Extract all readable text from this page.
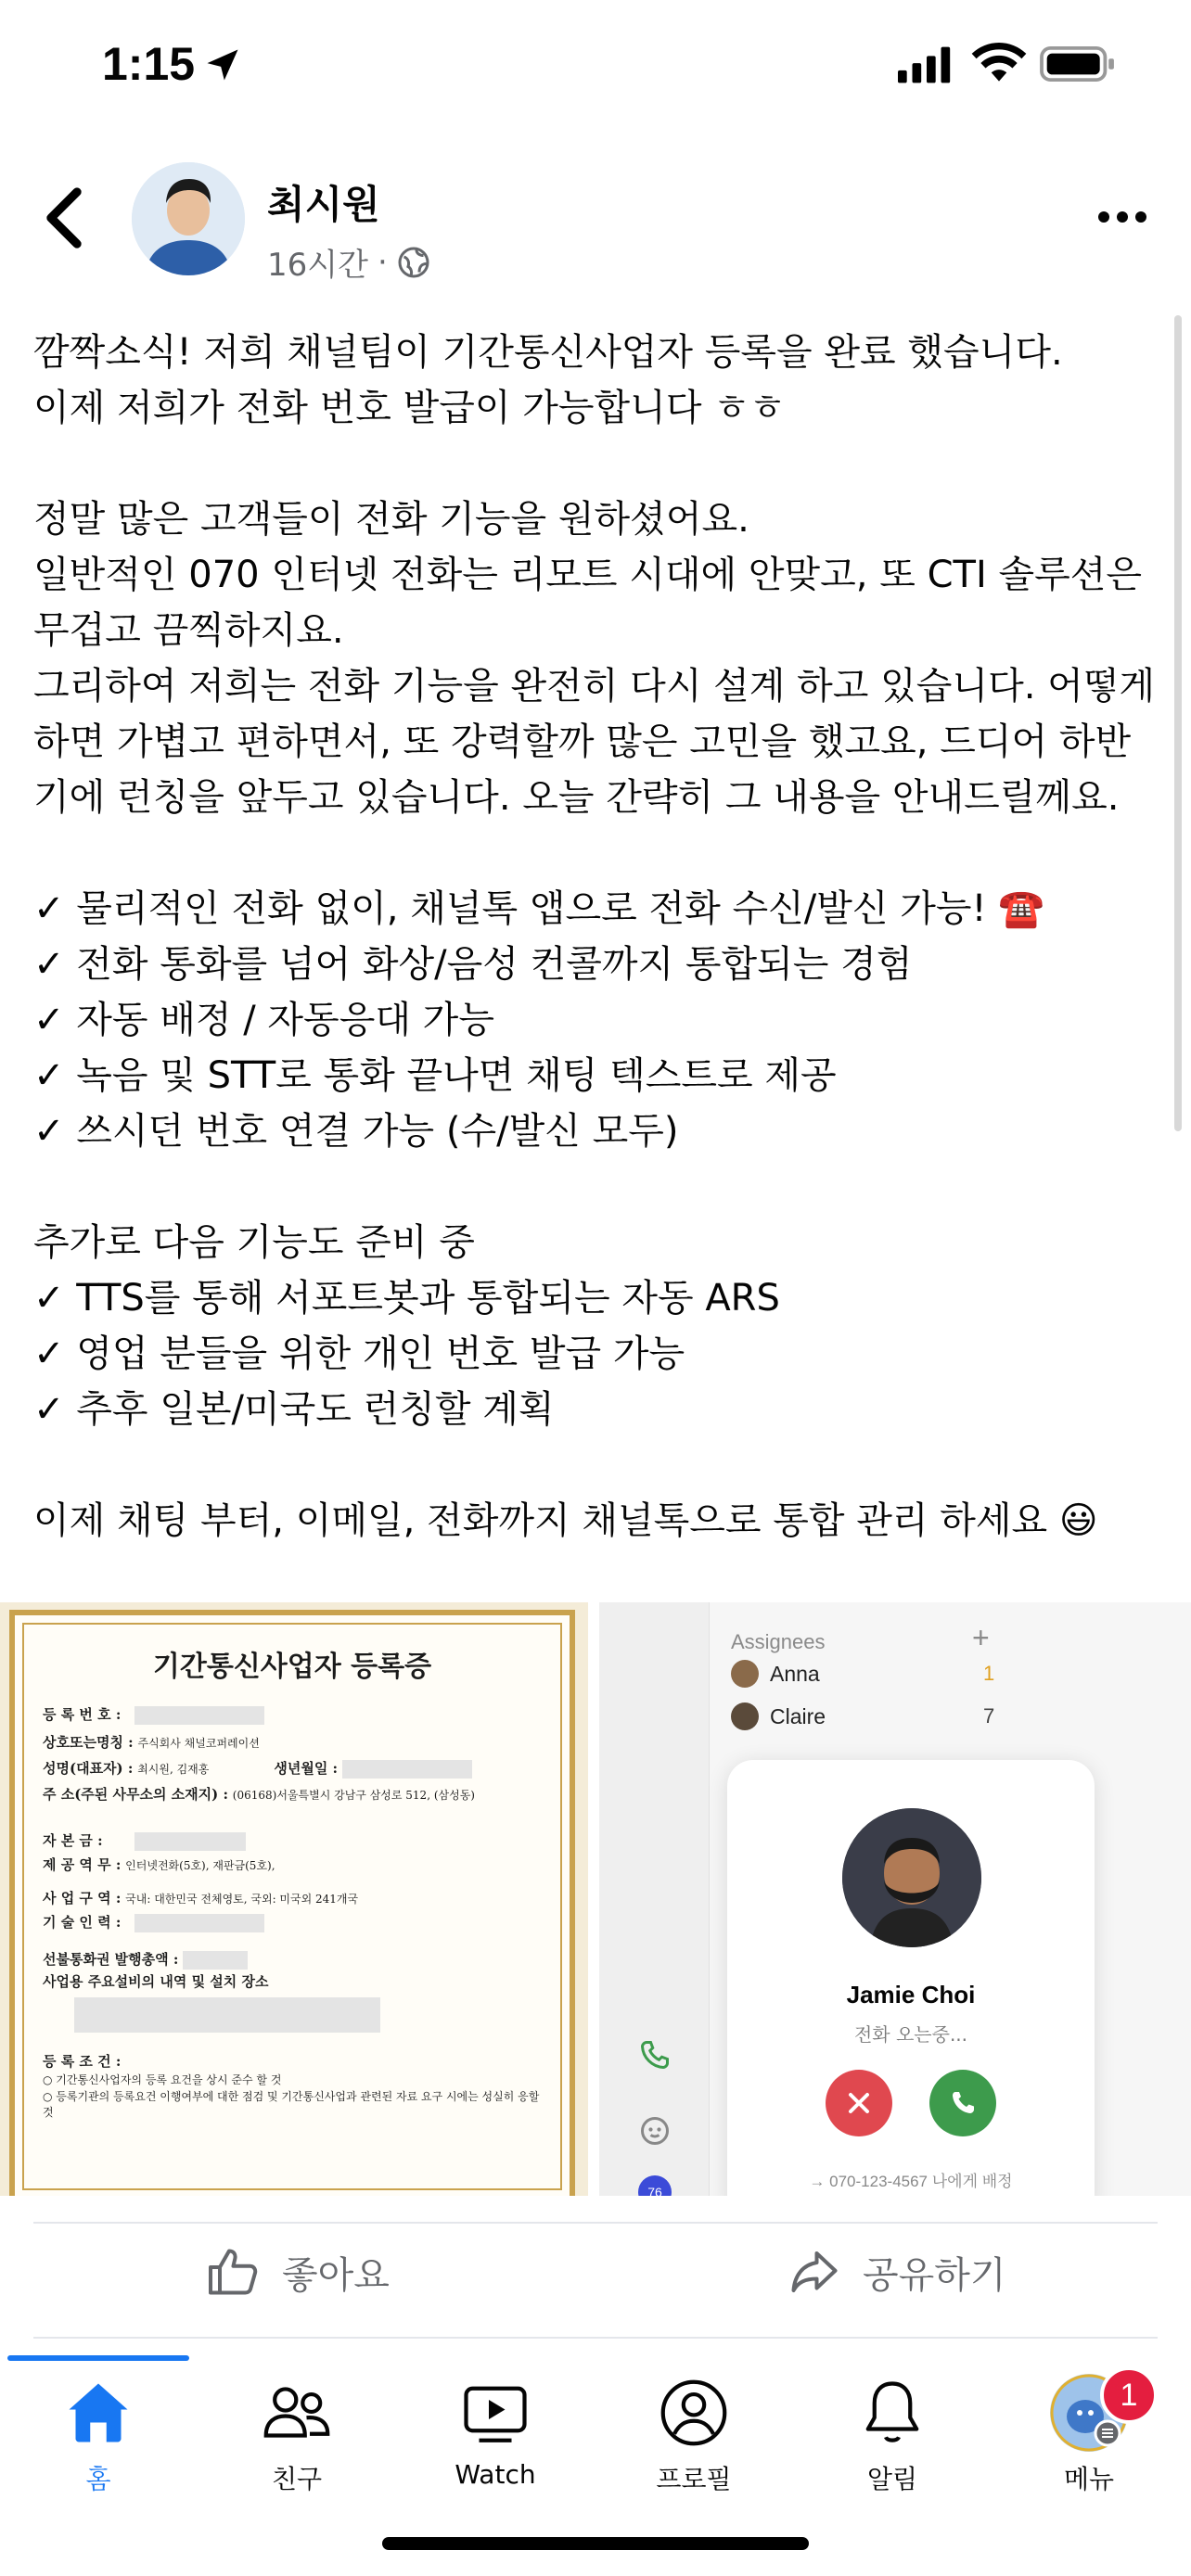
1:15
최시원
16시간 ·
깜짝소식! 저희 채널팀이 기간통신사업자 등록을 완료 했습니다.
이제 저희가 전화 번호 발급이 가능합니다 ㅎㅎ

정말 많은 고객들이 전화 기능을 원하셨어요.
일반적인 070 인터넷 전화는 리모트 시대에 안맞고, 또 CTI 솔루션은 무겁고 끔찍하지요.
그리하여 저희는 전화 기능을 완전히 다시 설계 하고 있습니다. 어떻게 하면 가볍고 편하면서, 또 강력할까 많은 고민을 했고요, 드디어 하반기에 런칭을 앞두고 있습니다. 오늘 간략히 그 내용을 안내드릴께요.

✓ 물리적인 전화 없이, 채널톡 앱으로 전화 수신/발신 가능! ☎️
✓ 전화 통화를 넘어 화상/음성 컨콜까지 통합되는 경험
✓ 자동 배정 / 자동응대 가능
✓ 녹음 및 STT로 통화 끝나면 채팅 텍스트로 제공
✓ 쓰시던 번호 연결 가능 (수/발신 모두)

추가로 다음 기능도 준비 중
✓ TTS를 통해 서포트봇과 통합되는 자동 ARS
✓ 영업 분들을 위한 개인 번호 발급 가능
✓ 추후 일본/미국도 런칭할 계획

이제 채팅 부터, 이메일, 전화까지 채널톡으로 통합 관리 하세요 😃
기간통신사업자 등록증
등 록 번 호 :
상호또는명칭 : 주식회사 채널코퍼레이션
성명(대표자) : 최시원, 김재홍	생년월일 :
주 소(주된 사무소의 소재지) : (06168)서울특별시 강남구 삼성로 512, (삼성동)
자 본 금 :
제 공 역 무 : 인터넷전화(5호), 재판금(5호),
사 업 구 역 : 국내: 대한민국 전체영토, 국외: 미국외 241개국
기 술 인 력 :
선불통화권 발행총액 :
사업용 주요설비의 내역 및 설치 장소
등 록 조 건 :
○ 기간통신사업자의 등록 요건을 상시 준수 할 것
○ 등록기관의 등록요건 이행여부에 대한 점검 및 기간통신사업과 관련된 자료 요구 시에는 성실히 응할 것
Assignees	+
Anna	1
Claire	7
76
Jamie Choi
전화 오는중...
→ 070-123-4567 나에게 배정
좋아요	공유하기
홈	친구	Watch	프로필	알림	메뉴
1
